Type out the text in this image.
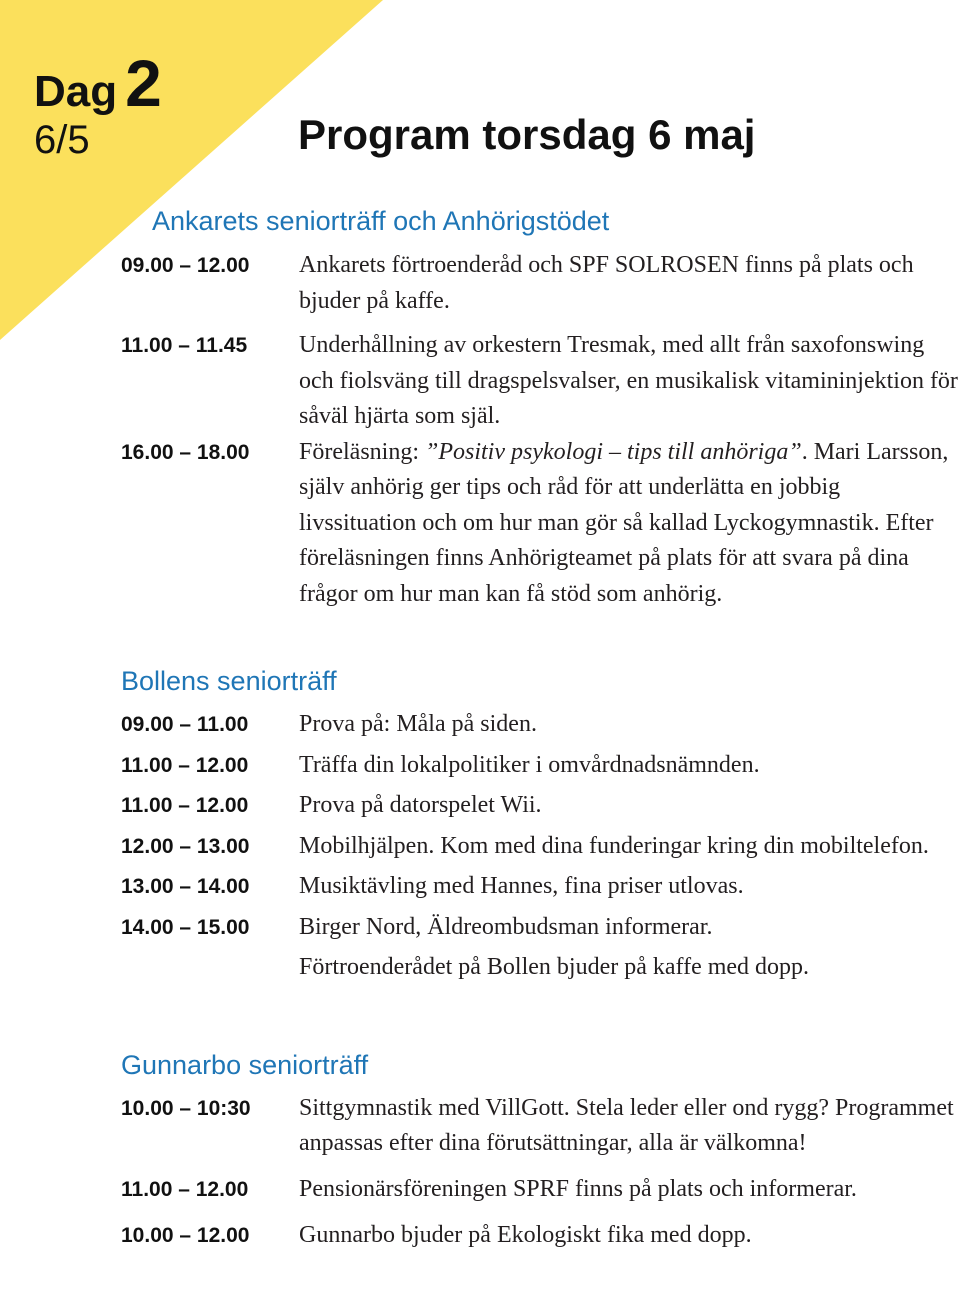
Dag 2
6/5	Program torsdag 6 maj
Ankarets seniorträff och Anhörigstödet
09.00 – 12.00	Ankarets förtroenderåd och SPF SOLROSEN finns på plats och bjuder på kaffe.
11.00 – 11.45	Underhållning av orkestern Tresmak, med allt från saxofonswing och fiolsväng till dragspelsvalser, en musikalisk vitamininjektion för såväl hjärta som själ.
16.00 – 18.00	Föreläsning: ”Positiv psykologi – tips till anhöriga”. Mari Larsson, själv anhörig ger tips och råd för att underlätta en jobbig livssituation och om hur man gör så kallad Lyckogymnastik. Efter föreläsningen finns Anhörigteamet på plats för att svara på dina frågor om hur man kan få stöd som anhörig.
Bollens seniorträff
09.00 – 11.00	Prova på: Måla på siden.
11.00 – 12.00	Träffa din lokalpolitiker i omvårdnadsnämnden.
11.00 – 12.00	Prova på datorspelet Wii.
12.00 – 13.00	Mobilhjälpen. Kom med dina funderingar kring din mobiltelefon.
13.00 – 14.00	Musiktävling med Hannes, fina priser utlovas.
14.00 – 15.00	Birger Nord, Äldreombudsman informerar.
Förtroenderådet på Bollen bjuder på kaffe med dopp.
Gunnarbo seniorträff
10.00 – 10:30	Sittgymnastik med VillGott. Stela leder eller ond rygg? Programmet anpassas efter dina förutsättningar, alla är välkomna!
11.00 – 12.00	Pensionärsföreningen SPRF finns på plats och informerar.
10.00 – 12.00	Gunnarbo bjuder på Ekologiskt fika med dopp.
